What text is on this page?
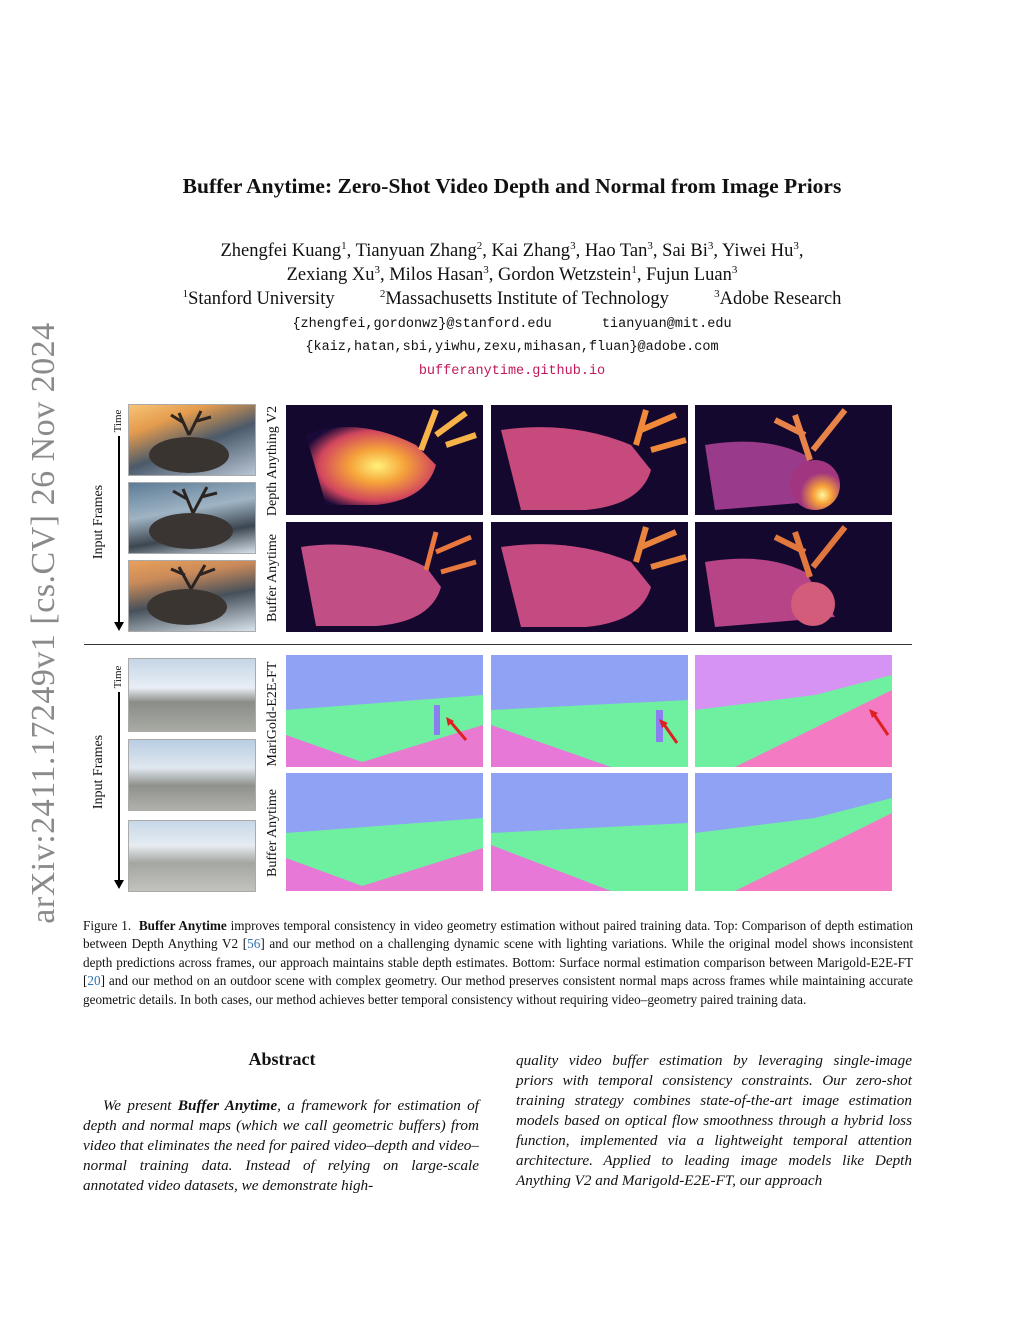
arXiv:2411.17249v1 [cs.CV] 26 Nov 2024
Buffer Anytime: Zero-Shot Video Depth and Normal from Image Priors
Zhengfei Kuang$^1$, Tianyuan Zhang$^2$, Kai Zhang$^3$, Hao Tan$^3$, Sai Bi$^3$, Yiwei Hu$^3$,
Zexiang Xu$^3$, Milos Hasan$^3$, Gordon Wetzstein$^1$, Fujun Luan$^3$
$^1$Stanford University	$^2$Massachusetts Institute of Technology	$^3$Adobe Research
{zhengfei,gordonwz}@stanford.edu	tianyuan@mit.edu
{kaiz,hatan,sbi,yiwhu,zexu,mihasan,fluan}@adobe.com
bufferanytime.github.io
Input Frames
Time	Depth Anything V2
Buffer Anytime
Input Frames
Time	MariGold-E2E-FT
Buffer Anytime
Figure 1. Buffer Anytime improves temporal consistency in video geometry estimation without paired training data. Top: Comparison of depth estimation between Depth Anything V2 [56] and our method on a challenging dynamic scene with lighting variations. While the original model shows inconsistent depth predictions across frames, our approach maintains stable depth estimates. Bottom: Surface normal estimation comparison between Marigold-E2E-FT [20] and our method on an outdoor scene with complex geometry. Our method preserves consistent normal maps across frames while maintaining accurate geometric details. In both cases, our method achieves better temporal consistency without requiring video–geometry paired training data.
Abstract
We present Buffer Anytime, a framework for estimation of depth and normal maps (which we call geometric buffers) from video that eliminates the need for paired video–depth and video–normal training data. Instead of relying on large-scale annotated video datasets, we demonstrate high-
quality video buffer estimation by leveraging single-image priors with temporal consistency constraints. Our zero-shot training strategy combines state-of-the-art image estimation models based on optical flow smoothness through a hybrid loss function, implemented via a lightweight temporal attention architecture. Applied to leading image models like Depth Anything V2 and Marigold-E2E-FT, our approach
